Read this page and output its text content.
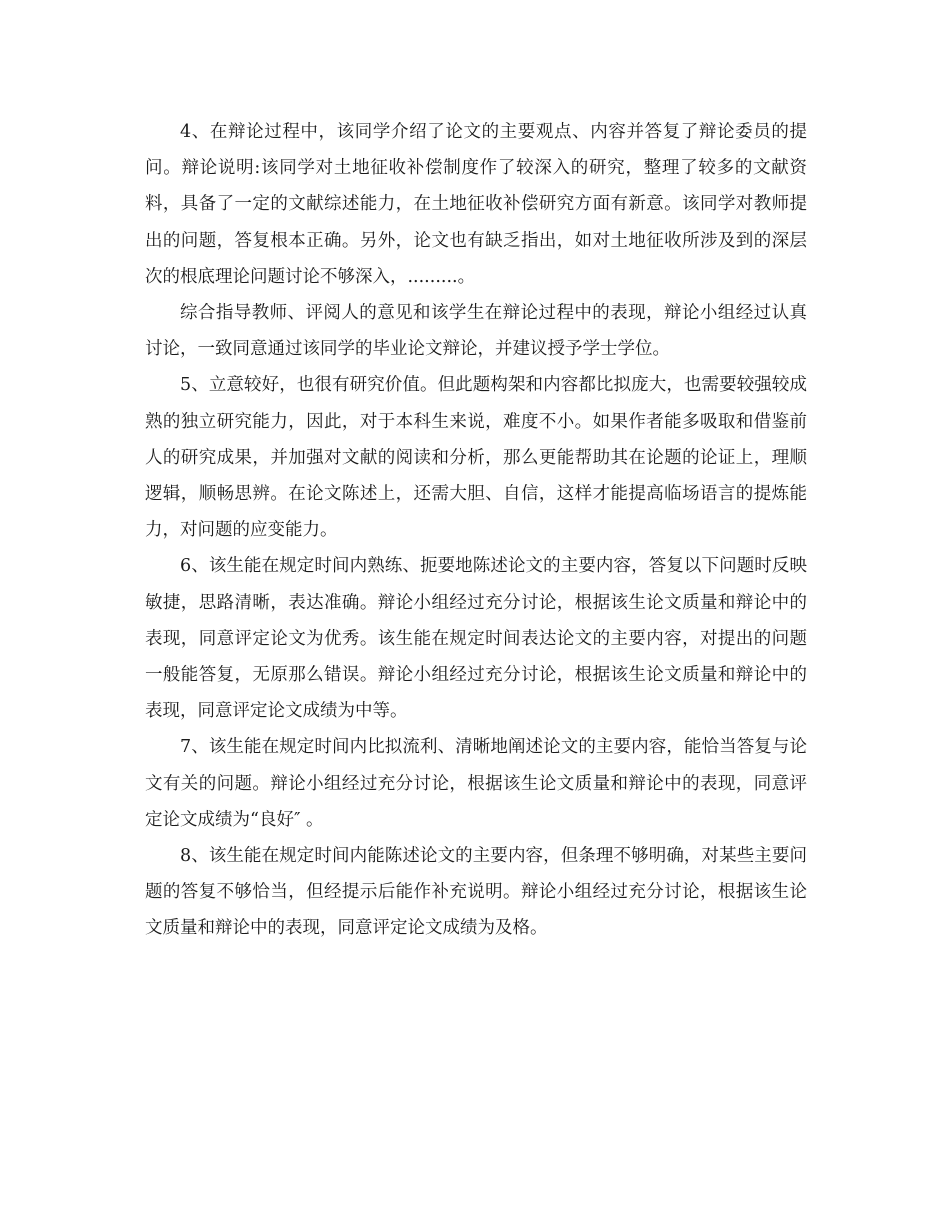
4、在辩论过程中，该同学介绍了论文的主要观点、内容并答复了辩论委员的提问。辩论说明:该同学对土地征收补偿制度作了较深入的研究，整理了较多的文献资料，具备了一定的文献综述能力，在土地征收补偿研究方面有新意。该同学对教师提出的问题，答复根本正确。另外，论文也有缺乏指出，如对土地征收所涉及到的深层次的根底理论问题讨论不够深入，.........。

综合指导教师、评阅人的意见和该学生在辩论过程中的表现，辩论小组经过认真讨论，一致同意通过该同学的毕业论文辩论，并建议授予学士学位。

5、立意较好，也很有研究价值。但此题构架和内容都比拟庞大，也需要较强较成熟的独立研究能力，因此，对于本科生来说，难度不小。如果作者能多吸取和借鉴前人的研究成果，并加强对文献的阅读和分析，那么更能帮助其在论题的论证上，理顺逻辑，顺畅思辨。在论文陈述上，还需大胆、自信，这样才能提高临场语言的提炼能力，对问题的应变能力。

6、该生能在规定时间内熟练、扼要地陈述论文的主要内容，答复以下问题时反映敏捷，思路清晰，表达准确。辩论小组经过充分讨论，根据该生论文质量和辩论中的表现，同意评定论文为优秀。该生能在规定时间表达论文的主要内容，对提出的问题一般能答复，无原那么错误。辩论小组经过充分讨论，根据该生论文质量和辩论中的表现，同意评定论文成绩为中等。

7、该生能在规定时间内比拟流利、清晰地阐述论文的主要内容，能恰当答复与论文有关的问题。辩论小组经过充分讨论，根据该生论文质量和辩论中的表现，同意评定论文成绩为“良好″ 。

8、该生能在规定时间内能陈述论文的主要内容，但条理不够明确，对某些主要问题的答复不够恰当，但经提示后能作补充说明。辩论小组经过充分讨论，根据该生论文质量和辩论中的表现，同意评定论文成绩为及格。
